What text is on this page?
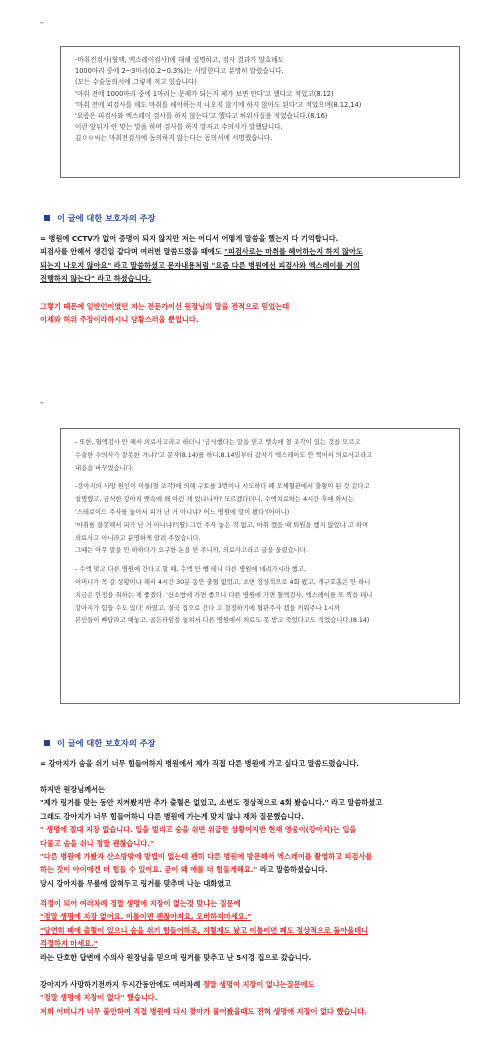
-
-마취전검사(혈액, 엑스레이검사)에 대해 설명하고, 검사 결과가 양호해도
1000마리 중에 2~3마리(0.2~0.3%)는 사망한다고 분명히 알렸습니다.
(모든 수술동의서에 그렇게 적고 있습니다)
'마취 전에 1000마리 중에 1마리는 문제가 되는지 제가 보면 안다'고 했다고 적었고(8.12)
'마취 전에 피검사를 해도 마취를 헤어하는지 나오지 않기에 하지 않아도 된다'고 적었으며(8.12,14)
'요즘은 피검사와 엑스레이 검사를 하지 않는다'고 했다고 허위사실을 적었습니다.(8.16)
이런 앞뒤가 안 맞는 말을 하며 검사를 하지 말자고 수의사가 말했답니다.
김ㅇㅇ씨는 마취전검사에 동의하지 않는다는 동의서에 서명했습니다.
이 글에 대한 보호자의 주장
= 병원에 CCTV가 없어 증명이 되지 않지만 저는 어디서 어떻게 말씀을 했는지 다 기억합니다.
피검사를 안해서 생긴일 같다며 여러번 말씀드렸을 때에도 "피검사로는 마취를 헤어하는지 하지 않아도
되는지 나오지 않아요" 라고 말씀하셨고 문자내용처럼 "요즘 다른 병원에선 피검사와 엑스레이를 거의
진행하지 않는다" 라고 하셨습니다.
그렇기 때문에 일반인이였던 저는 전문가이신 원장님의 말을 전적으로 믿었는데
이제와 허위 주장이라하시니 당황스러울 뿐입니다.
-
- 또한, 혈액검사 안 해서 의료사고라고 하더니 '금식했다는 말을 믿고 뱃속에 철 조각이 있는 것을 모르고
수술한 수의사가 잘못한 거냐?'고 문자(8.14)를 하니,8.14일부터 갑자기 엑스레이도 안 찍어서 의료사고라고
내용을 바꾸었습니다.
-강아지의 사망 원인이 이물(철 조각)에 의해 구토를 3번이나 시도하다 폐 모세혈관에서 출혈이 된 것 같다고
설명했고, 금식한 강아지 뱃속에 왜 아런 게 있냐니까? 모르겠다더니, 수액치료하는 4시간 후에 와서는
'스테로이드 주사를 놓아서 피가 난 거 아니냐? 어느 병원에 말이 봤다'(어머니)
'마취를 잘못해서 피가 난 거 아니냐?'(딸) 그런 주사 놓은 적 없고, 마취 깼을 때 퇴원을 했지 않았냐 고 하며
의료사고 아니라고 분명하게 알려 주었습니다.
그때는 아무 말을 안 하하다가 요구한 돈을 안 주니까, 의료사고라고 글을 올렸습니다.
- 수액 맞고 다른 병원에 간다고 할 때, 수액 안 뺄 테니 다른 병원에 데려가시라 했고,
어머니가 꼭 갈 상황이냐 해서 4시간 30분 동안 출혈 없었고, 소변 정상적으로 4회 봤고, 개구호흡은 안 하니
지금은 안정을 취하는 게 좋겠다. '산소방에 가면 좋으나 다른 병원에 가면 혈액검사, 엑스레이를 또 찍을 테니
강아지가 힘들 수도 있다' 하였고, 결국 집으로 간다 고 결정하기에 혈관주사 캡을 끼워주나 1시까
본인들이 빠답라고 해놓고, 골든타임을 놓쳐서 다른 병원에서 처료도 못 받고 죽었다고도 적었습니다.(8.14)
이 글에 대한 보호자의 주장
= 강아지가 숨을 쉬기 너무 힘들어하지 병원에서 제가 직접 다른 병원에 가고 싶다고 말씀드렸습니다.
하지만 원장님께서는
"제가 링거를 맞는 동안 지켜봤지만 추가 출혈은 없었고, 소변도 정상적으로 4회 봤습니다." 라고 말씀하셨고
그래도 강아지가 너무 힘들어하니 다른 병원에 가는게 맞지 않냐 재차 질문했습니다.
" 생명에 절대 지장 없습니다. 입을 벌리고 숨을 쉬면 위급한 상황이지만 현재 영웅이(강아지)는 입을
다물고 숨을 쉬니 정말 괜찮습니다."
"다른 병원에 가봤자 산소방밖에 방법이 없는데 괜히 다른 병원에 방문해서 엑스레이를 촬영하고 피검사를
하는 것이 아이에겐 더 힘들 수 있어요. 굳이 왜 애를 더 힘들게해요." 라고 말씀하셨습니다.
당시 강아지를 무릎에 앉혀두고 링거를 맞추며 나눈 대화였고
걱정이 되어 여러차례 정말 생명에 지장이 없는것 맞냐는 질문에
"정말 생명에 지장 없어요. 이틀이면 괜찮아져요, 오버하지마세요."
"당연히 폐에 출혈이 있으니 숨을 쉬기 힘들어하죠, 지혈제도 놨고 이틀이면 폐도 정상적으로 돌아올테니
걱정하지 마세요."
라는 단호한 답변에 수의사 원장님을 믿으며 링거를 맞추고 난 5시경 집으로 갔습니다.
강아지가 사망하기전까지 두시간동안에도 여러차례 정말 생명이 지장이 없냐는질문에도
"정말 생명에 지장이 없다" 했습니다.
저희 어머니가 너무 불안하여 직접 병원에 다시 찾아가 물어봤을때도 전혀 생명에 지장이 없다 했습니다.
